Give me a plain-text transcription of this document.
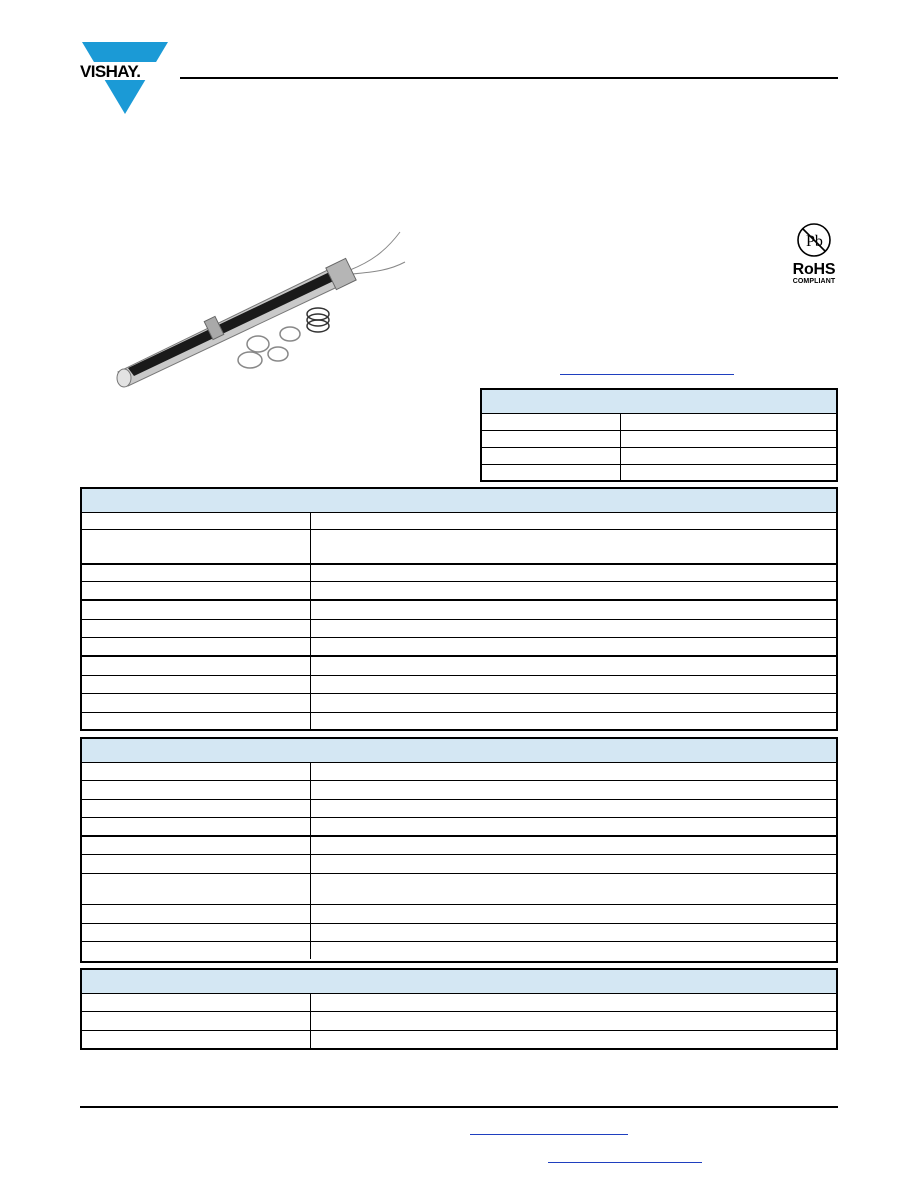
VISHAY.
Pb
RoHS
COMPLIANT
